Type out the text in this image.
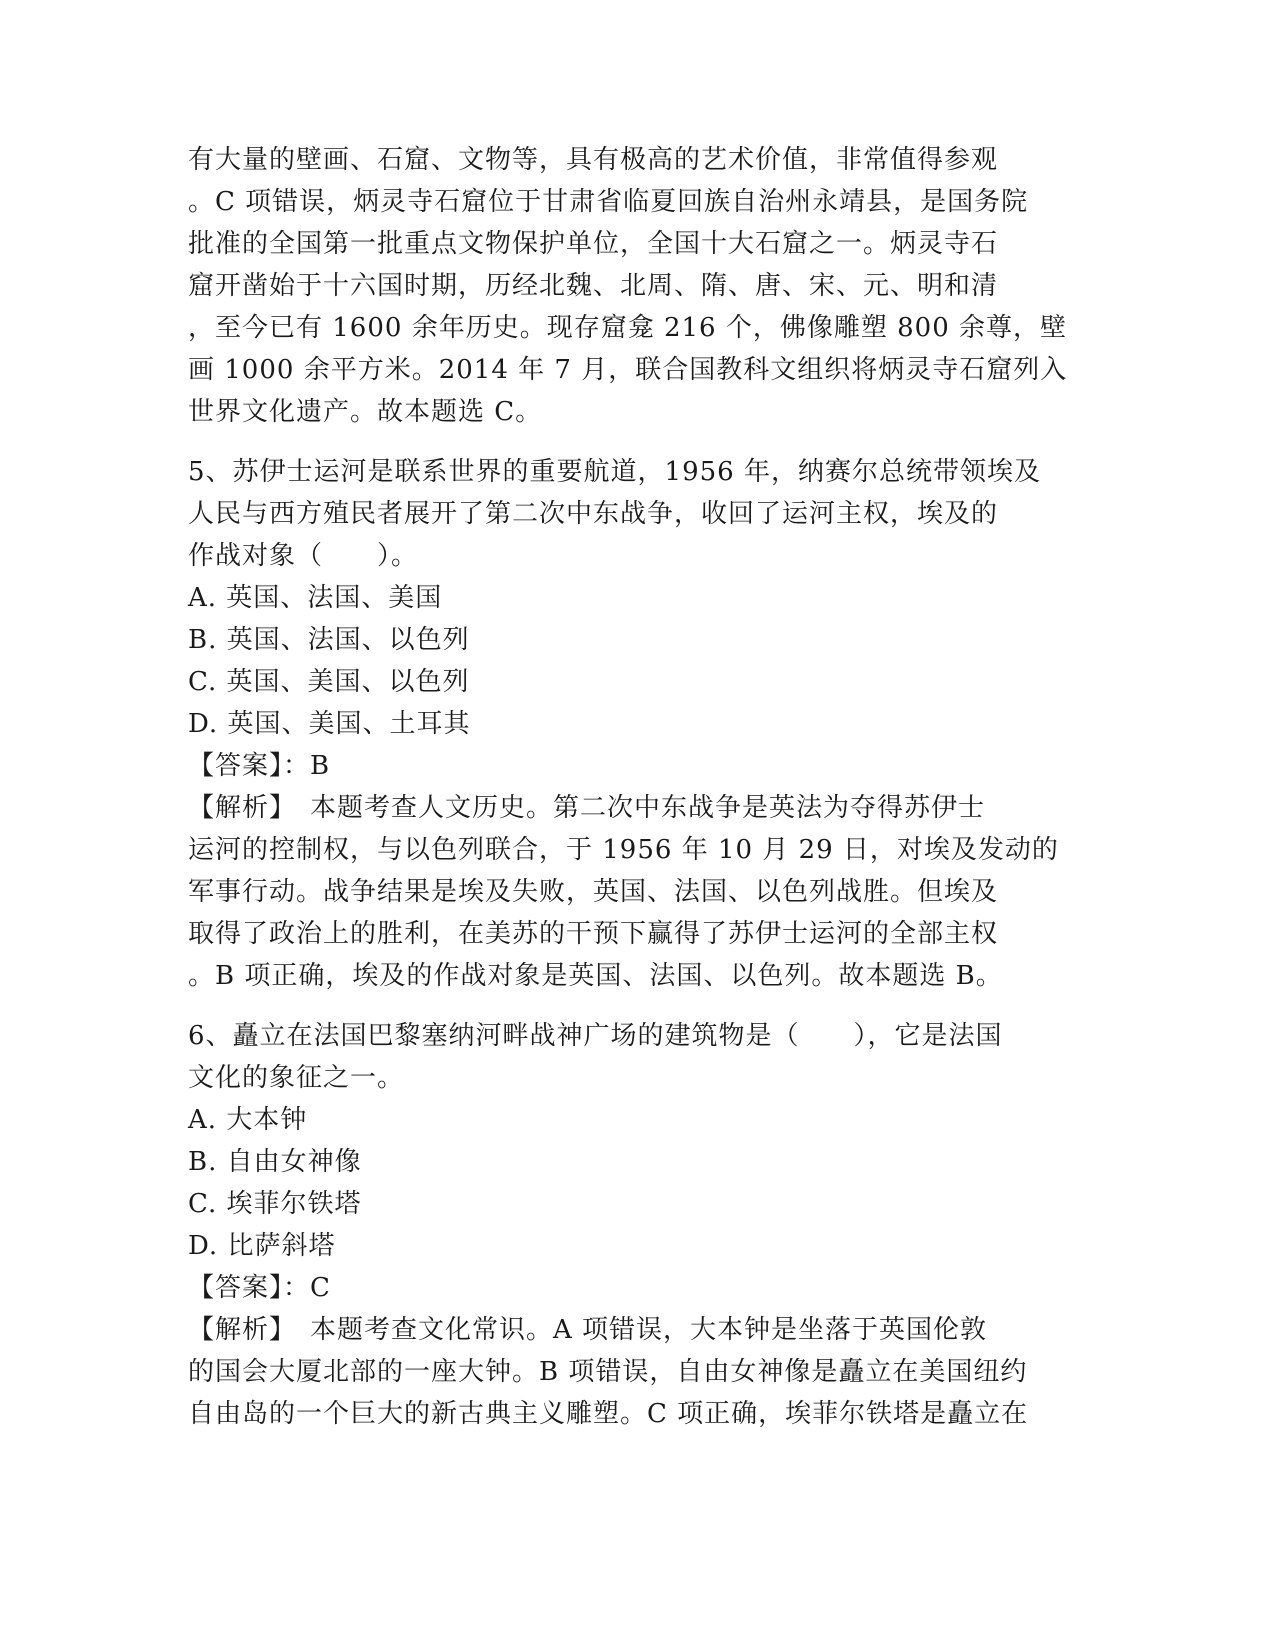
有大量的壁画、石窟、文物等，具有极高的艺术价值，非常值得参观
。C 项错误，炳灵寺石窟位于甘肃省临夏回族自治州永靖县，是国务院
批准的全国第一批重点文物保护单位，全国十大石窟之一。炳灵寺石
窟开凿始于十六国时期，历经北魏、北周、隋、唐、宋、元、明和清
，至今已有 1600 余年历史。现存窟龛 216 个，佛像雕塑 800 余尊，壁
画 1000 余平方米。2014 年 7 月，联合国教科文组织将炳灵寺石窟列入
世界文化遗产。故本题选 C。
5、苏伊士运河是联系世界的重要航道，1956 年，纳赛尔总统带领埃及
人民与西方殖民者展开了第二次中东战争，收回了运河主权，埃及的
作战对象（　　）。
A. 英国、法国、美国
B. 英国、法国、以色列
C. 英国、美国、以色列
D. 英国、美国、土耳其
【答案】：B
【解析】　本题考查人文历史。第二次中东战争是英法为夺得苏伊士
运河的控制权，与以色列联合，于 1956 年 10 月 29 日，对埃及发动的
军事行动。战争结果是埃及失败，英国、法国、以色列战胜。但埃及
取得了政治上的胜利，在美苏的干预下赢得了苏伊士运河的全部主权
。B 项正确，埃及的作战对象是英国、法国、以色列。故本题选 B。
6、矗立在法国巴黎塞纳河畔战神广场的建筑物是（　　），它是法国
文化的象征之一。
A. 大本钟
B. 自由女神像
C. 埃菲尔铁塔
D. 比萨斜塔
【答案】：C
【解析】　本题考查文化常识。A 项错误，大本钟是坐落于英国伦敦
的国会大厦北部的一座大钟。B 项错误，自由女神像是矗立在美国纽约
自由岛的一个巨大的新古典主义雕塑。C 项正确，埃菲尔铁塔是矗立在
